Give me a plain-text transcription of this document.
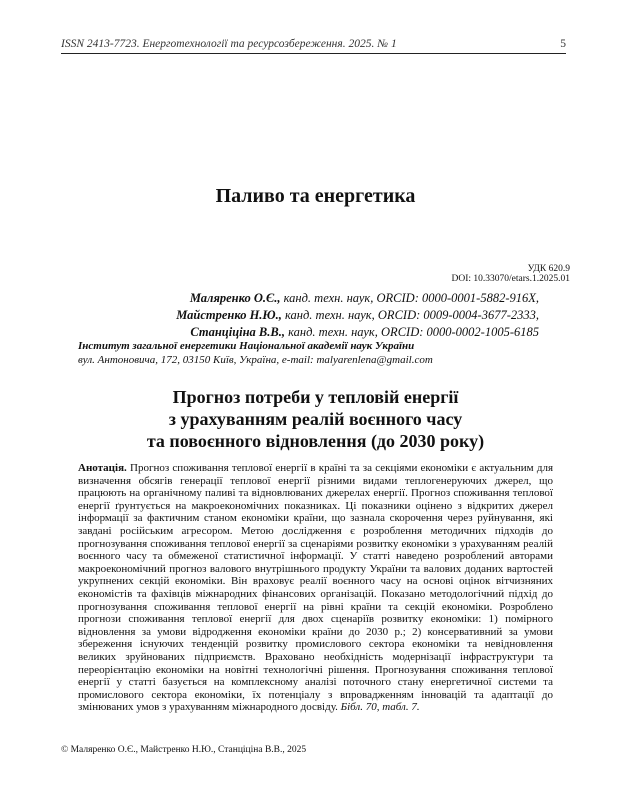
ISSN 2413-7723. Енерготехнології та ресурсозбереження. 2025. № 1	5
Паливо та енергетика
УДК 620.9
DOI: 10.33070/etars.1.2025.01
Маляренко О.Є., канд. техн. наук, ORCID: 0000-0001-5882-916X,
Майстренко Н.Ю., канд. техн. наук, ORCID: 0009-0004-3677-2333,
Станціціна В.В., канд. техн. наук, ORCID: 0000-0002-1005-6185
Інститут загальної енергетики Національної академії наук України
вул. Антоновича, 172, 03150 Київ, Україна, e-mail: malyarenlena@gmail.com
Прогноз потреби у тепловій енергії
з урахуванням реалій воєнного часу
та повоєнного відновлення (до 2030 року)
Анотація. Прогноз споживання теплової енергії в країні та за секціями економіки є актуальним для визначення обсягів генерації теплової енергії різними видами теплогенеруючих джерел, що працюють на органічному паливі та відновлюваних джерелах енергії. Прогноз споживання теплової енергії ґрунтується на макроекономічних показниках. Ці показники оцінено з відкритих джерел інформації за фактичним станом економіки країни, що зазнала скорочення через руйнування, які завдані російським агресором. Метою дослідження є розроблення методичних підходів до прогнозування споживання теплової енергії за сценаріями розвитку економіки з урахуванням реалій воєнного часу та обмеженої статистичної інформації. У статті наведено розроблений авторами макроекономічний прогноз валового внутрішнього продукту України та валових доданих вартостей укрупнених секцій економіки. Він враховує реалії воєнного часу на основі оцінок вітчизняних економістів та фахівців міжнародних фінансових організацій. Показано методологічний підхід до прогнозування споживання теплової енергії на рівні країни та секцій економіки. Розроблено прогнози споживання теплової енергії для двох сценаріїв розвитку економіки: 1) помірного відновлення за умови відродження економіки країни до 2030 р.; 2) консервативний за умови збереження існуючих тенденцій розвитку промислового сектора економіки та невідновлення великих зруйнованих підприємств. Враховано необхідність модернізації інфраструктури та переорієнтацію економіки на новітні технологічні рішення. Прогнозування споживання теплової енергії у статті базується на комплексному аналізі поточного стану енергетичної системи та промислового сектора економіки, їх потенціалу з впровадженням інновацій та адаптації до змінюваних умов з урахуванням міжнародного досвіду. Бібл. 70, табл. 7.
© Маляренко О.Є., Майстренко Н.Ю., Станціціна В.В., 2025
